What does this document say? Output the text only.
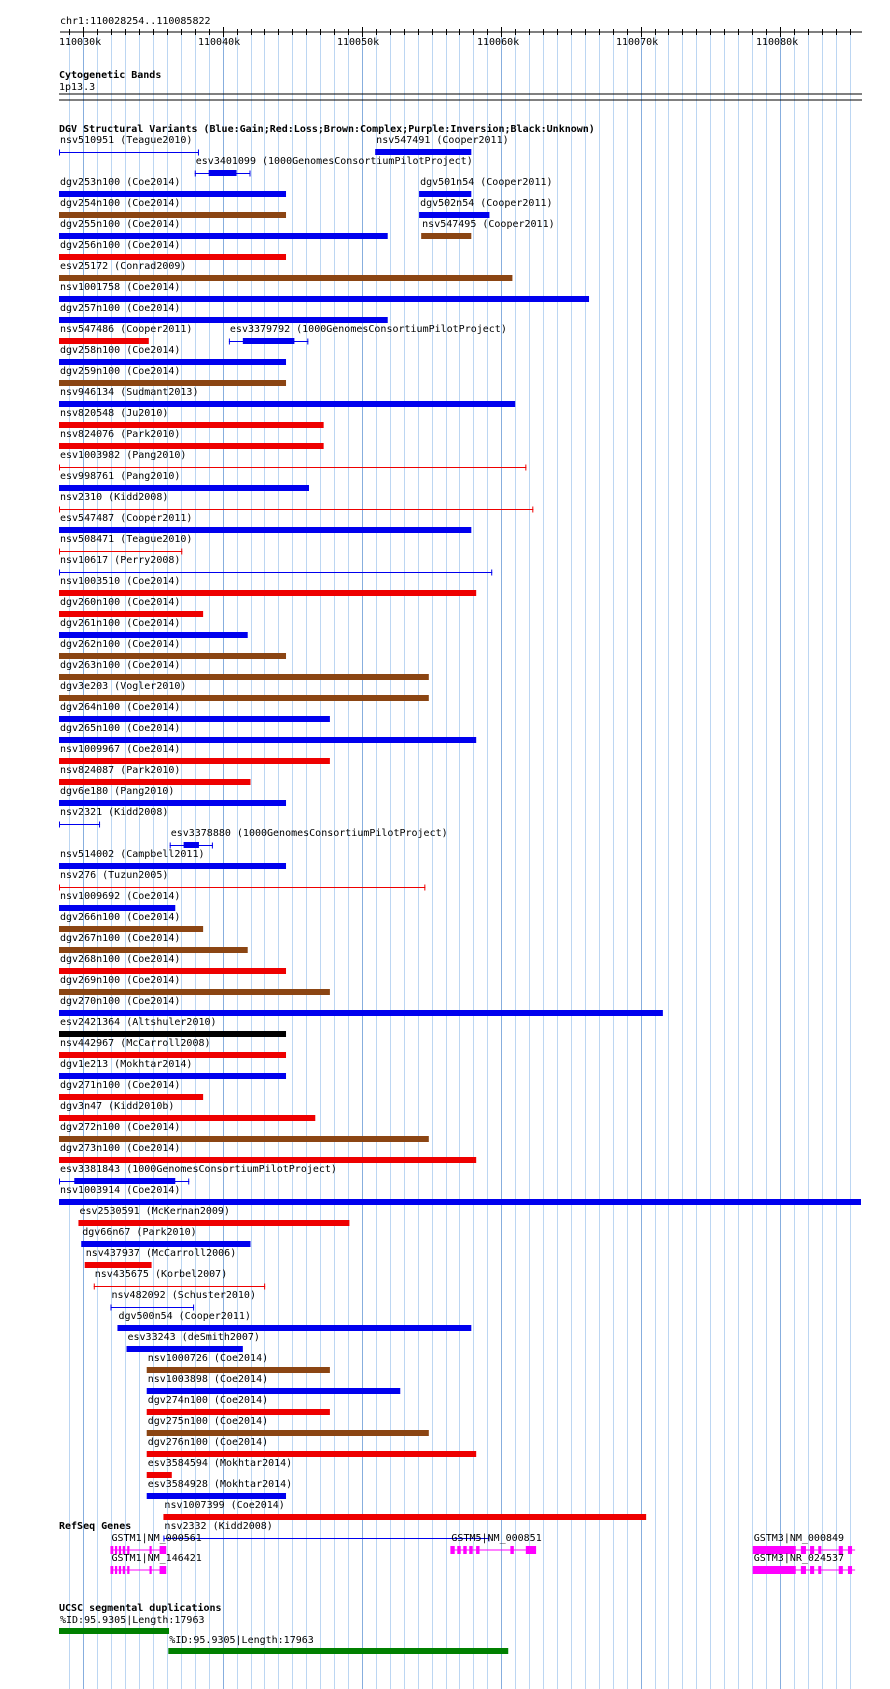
chr1:110028254..110085822
110030k	110040k	110050k	110060k	110070k	110080k
Cytogenetic Bands
1p13.3
DGV Structural Variants (Blue:Gain;Red:Loss;Brown:Complex;Purple:Inversion;Black:Unknown)
nsv510951 (Teague2010)
esv3401099 (1000GenomesConsortiumPilotProject)
dgv253n100 (Coe2014)
nsv547491 (Cooper2011)
dgv254n100 (Coe2014)
dgv501n54 (Cooper2011)
dgv255n100 (Coe2014)
dgv502n54 (Cooper2011)
dgv256n100 (Coe2014)
nsv547495 (Cooper2011)
esv25172 (Conrad2009)
nsv1001758 (Coe2014)
dgv257n100 (Coe2014)
nsv547486 (Cooper2011)	esv3379792 (1000GenomesConsortiumPilotProject)
dgv258n100 (Coe2014)
dgv259n100 (Coe2014)
nsv946134 (Sudmant2013)
nsv820548 (Ju2010)
nsv824076 (Park2010)
esv1003982 (Pang2010)
esv998761 (Pang2010)
nsv2310 (Kidd2008)
esv547487 (Cooper2011)
nsv508471 (Teague2010)
nsv10617 (Perry2008)
nsv1003510 (Coe2014)
dgv260n100 (Coe2014)
dgv261n100 (Coe2014)
dgv262n100 (Coe2014)
dgv263n100 (Coe2014)
dgv3e203 (Vogler2010)
dgv264n100 (Coe2014)
dgv265n100 (Coe2014)
nsv1009967 (Coe2014)
nsv824087 (Park2010)
dgv6e180 (Pang2010)
nsv2321 (Kidd2008)
esv3378880 (1000GenomesConsortiumPilotProject)
nsv514002 (Campbell2011)
nsv276 (Tuzun2005)
nsv1009692 (Coe2014)
dgv266n100 (Coe2014)
dgv267n100 (Coe2014)
dgv268n100 (Coe2014)
dgv269n100 (Coe2014)
dgv270n100 (Coe2014)
esv2421364 (Altshuler2010)
nsv442967 (McCarroll2008)
dgv1e213 (Mokhtar2014)
dgv271n100 (Coe2014)
dgv3n47 (Kidd2010b)
dgv272n100 (Coe2014)
dgv273n100 (Coe2014)
esv3381843 (1000GenomesConsortiumPilotProject)
nsv1003914 (Coe2014)
esv2530591 (McKernan2009)
dgv66n67 (Park2010)
nsv437937 (McCarroll2006)
nsv435675 (Korbel2007)
nsv482092 (Schuster2010)
dgv500n54 (Cooper2011)
esv33243 (deSmith2007)
nsv1000726 (Coe2014)
nsv1003898 (Coe2014)
dgv274n100 (Coe2014)
dgv275n100 (Coe2014)
dgv276n100 (Coe2014)
esv3584594 (Mokhtar2014)
esv3584928 (Mokhtar2014)
nsv1007399 (Coe2014)
nsv2332 (Kidd2008)
RefSeq Genes
GSTM1|NM_000561
GSTM1|NM_146421
GSTM5|NM_000851	GSTM3|NM_000849
GSTM3|NR_024537
UCSC segmental duplications
%ID:95.9305|Length:17963
%ID:95.9305|Length:17963
